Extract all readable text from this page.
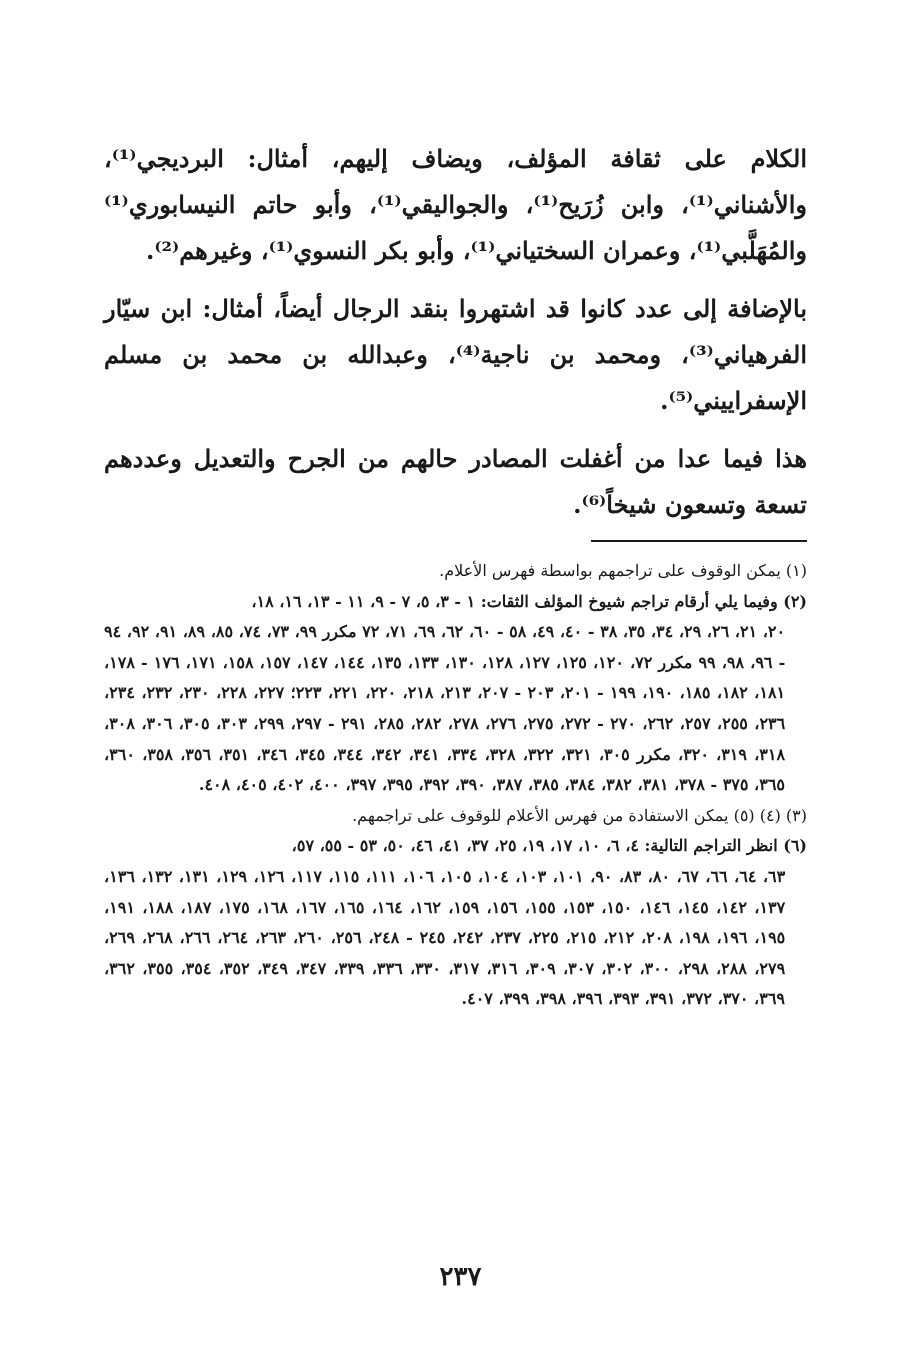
الكلام على ثقافة المؤلف، ويضاف إليهم، أمثال: البرديجي⁽¹⁾، والأشناني⁽¹⁾، وابن زُرَيح⁽¹⁾، والجواليقي⁽¹⁾، وأبو حاتم النيسابوري⁽¹⁾ والمُهَلَّبي⁽¹⁾، وعمران السختياني⁽¹⁾، وأبو بكر النسوي⁽¹⁾، وغيرهم⁽²⁾.

بالإضافة إلى عدد كانوا قد اشتهروا بنقد الرجال أيضاً، أمثال: ابن سيّار الفرهياني⁽³⁾، ومحمد بن ناجية⁽⁴⁾، وعبدالله بن محمد بن مسلم الإسفراييني⁽⁵⁾.

هذا فيما عدا من أغفلت المصادر حالهم من الجرح والتعديل وعددهم تسعة وتسعون شيخاً⁽⁶⁾.

(١) يمكن الوقوف على تراجمهم بواسطة فهرس الأعلام.

(٢) وفيما يلي أرقام تراجم شيوخ المؤلف الثقات: ١ - ٣، ٥، ٧ - ٩، ١١ - ١٣، ١٦، ١٨،

٢٠، ٢١، ٢٦، ٢٩، ٣٤، ٣٥، ٣٨ - ٤٠، ٤٩، ٥٨ - ٦٠، ٦٢، ٦٩، ٧١، ٧٢ مكرر ٩٩، ٧٣، ٧٤، ٨٥، ٨٩، ٩١، ٩٢، ٩٤ - ٩٦، ٩٨، ٩٩ مكرر ٧٢، ١٢٠، ١٢٥، ١٢٧، ١٢٨، ١٣٠، ١٣٣، ١٣٥، ١٤٤، ١٤٧، ١٥٧، ١٥٨، ١٧١، ١٧٦ - ١٧٨، ١٨١، ١٨٢، ١٨٥، ١٩٠، ١٩٩ - ٢٠١، ٢٠٣ - ٢٠٧، ٢١٣، ٢١٨، ٢٢٠، ٢٢١، ٢٢٣؛ ٢٢٧، ٢٢٨، ٢٣٠، ٢٣٢، ٢٣٤، ٢٣٦، ٢٥٥، ٢٥٧، ٢٦٢، ٢٧٠ - ٢٧٢، ٢٧٥، ٢٧٦، ٢٧٨، ٢٨٢، ٢٨٥، ٢٩١ - ٢٩٧، ٢٩٩، ٣٠٣، ٣٠٥، ٣٠٦، ٣٠٨، ٣١٨، ٣١٩، ٣٢٠، مكرر ٣٠٥، ٣٢١، ٣٢٢، ٣٢٨، ٣٣٤، ٣٤١، ٣٤٢، ٣٤٤، ٣٤٥، ٣٤٦، ٣٥١، ٣٥٦، ٣٥٨، ٣٦٠، ٣٦٥، ٣٧٥ - ٣٧٨، ٣٨١، ٣٨٢، ٣٨٤، ٣٨٥، ٣٨٧، ٣٩٠، ٣٩٢، ٣٩٥، ٣٩٧، ٤٠٠، ٤٠٢، ٤٠٥، ٤٠٨.

(٣) (٤) (٥) يمكن الاستفادة من فهرس الأعلام للوقوف على تراجمهم.

(٦) انظر التراجم التالية: ٤، ٦، ١٠، ١٧، ١٩، ٢٥، ٣٧، ٤١، ٤٦، ٥٠، ٥٣ - ٥٥، ٥٧،

٦٣، ٦٤، ٦٦، ٦٧، ٨٠، ٨٣، ٩٠، ١٠١، ١٠٣، ١٠٤، ١٠٥، ١٠٦، ١١١، ١١٥، ١١٧، ١٢٦، ١٢٩، ١٣١، ١٣٢، ١٣٦، ١٣٧، ١٤٢، ١٤٥، ١٤٦، ١٥٠، ١٥٣، ١٥٥، ١٥٦، ١٥٩، ١٦٢، ١٦٤، ١٦٥، ١٦٧، ١٦٨، ١٧٥، ١٨٧، ١٨٨، ١٩١، ١٩٥، ١٩٦، ١٩٨، ٢٠٨، ٢١٢، ٢١٥، ٢٢٥، ٢٣٧، ٢٤٢، ٢٤٥ - ٢٤٨، ٢٥٦، ٢٦٠، ٢٦٣، ٢٦٤، ٢٦٦، ٢٦٨، ٢٦٩، ٢٧٩، ٢٨٨، ٢٩٨، ٣٠٠، ٣٠٢، ٣٠٧، ٣٠٩، ٣١٦، ٣١٧، ٣٣٠، ٣٣٦، ٣٣٩، ٣٤٧، ٣٤٩، ٣٥٢، ٣٥٤، ٣٥٥، ٣٦٢، ٣٦٩، ٣٧٠، ٣٧٢، ٣٩١، ٣٩٣، ٣٩٦، ٣٩٨، ٣٩٩، ٤٠٧.

٢٣٧
